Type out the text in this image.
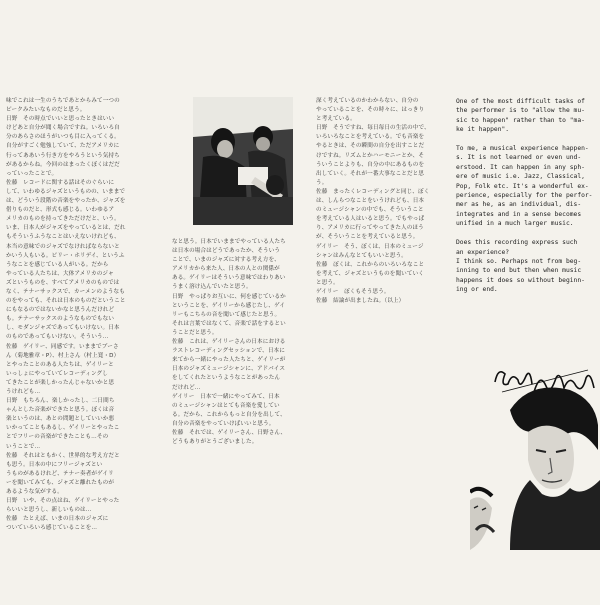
味でこれは一生のうちであとからみて一つの
ピークみたいなものだと思う。
日野　その時点でいいと思ったときはいい
けどあと自分が聞く場合ですね。いろいろ自
分のあらさのほうがいつも目に入ってくる。
自分がすごく勉強していて、ただアメリカに
行ってああいう行き方をやろうという気持ち
があるからね。今回のはまったくぼくはだだ
っていったことで。
佐藤　レコードに関する話はそのぐらいに
して、いわゆるジャズというものの、いままで
は、どういう段階の音楽をやったか、ジャズを
借りものだと、形式も感じる。いわゆるア
メリカのものを持ってきただけだと、いう。
いま、日本人がジャズをやっているとは、だれ
もそういうふうなことはいえないけれども、
本当の意味でのジャズでなければならないと
かいう人もいる。ビリー・ホリデイ、というふ
うなことを感じている人がいる。だから
やっている人たちは、大体アメリカのジャ
ズというものを、すべてアメリカのものでは
なく、テナーサックスで、カーメンのようなも
のをやっても、それは日本のものだということ
にもなるのではないかなと思うんだけれど
も。テナーサックスのようなものでもない
し、モダンジャズであってもいけない。日本
のものであってもいけない。そういう…
佐藤　ゲイリー、同感です。いままでブーさ
ん（菊地雅章・P）、村上さん（村上寛・D）
とやったことのある人たちは、ゲイリーと
いっしょにやっていてレコーディングし
てきたことが楽しかったんじゃないかと思
うけれども…
日野　もちろん、楽しかったし、二日間ち
ゃんとした音楽ができたと思う。ぼくは音
楽というのは、あとの問題としていいか悪
いかってこともあるし、ゲイリーとやったこ
とでフリーの音楽ができたことも…その
いうことで…
佐藤　それはともかく、世界的な考え方だと
も思う。日本の中にフリージャズとい
うものがあるけれど、テナー奏者がゲイリ
ーを聞いてみても、ジャズと離れたものが
あるような気がする。
日野　いや、その点はね、ゲイリーとやった
らいいと思うし、新しいものは…
佐藤　たとえば、いまの日本のジャズに
ついていろいろ感じていることを…
なと思う。日本でいままでやっている人たち
は日本の場合はどうであったか、そういう
ことで、いまのジャズに対する考え方を、
アメリカから来た人、日本の人との関係が
ある。ゲイリーはそういう意味ではわりあい
うまく溶け込んでいたと思う。
日野　やっぱりお互いに、何を感じているか
ということを、ゲイリーから感じたし、ゲイ
リーもこちらの音を聞いて感じたと思う。
それは言葉ではなくて、音楽で話をするとい
うことだと思う。
佐藤　これは、ゲイリーさんの日本における
ラストレコーディングセッションで、日本に
来てから一緒にやった人たちと、ゲイリーが
日本のジャズミュージシャンに、アドバイス
をしてくれたというようなことがあったん
だけれど…
ゲイリー　日本で一緒にやってみて、日本
のミュージシャンはとても音楽を愛してい
る。だから、これからもっと自分を出して、
自分の音楽をやっていけばいいと思う。
佐藤　それでは、ゲイリーさん、日野さん、
どうもありがとうございました。
深く考えているのかわからない、自分の
やっていることを、その時々に、はっきり
と考えている。
日野　そうですね、毎日毎日の生活の中で、
いろいろなことを考えている。でも音楽を
やるときは、その瞬間の自分を出すことだ
けですね。リズムとかハーモニーとか、そ
ういうことよりも、自分の中にあるものを
出していく。それが一番大事なことだと思
う。
佐藤　まったくレコーディングと同じ、ぼく
は、しんらつなことをいうけれども、日本
のミュージシャンの中でも、そういうこと
を考えている人はいると思う。でもやっぱ
り、アメリカに行ってやってきた人のほう
が、そういうことを考えていると思う。
ゲイリー　そう、ぼくは、日本のミュージ
シャンはみんなとてもいいと思う。
佐藤　ぼくは、これからのいろいろなこと
を考えて、ジャズというものを聞いていく
と思う。
ゲイリー　ぼくもそう思う。
佐藤　結論が出ましたね。（以上）
One of the most difficult tasks of
the performer is to "allow the mu-
sic to happen" rather than to "ma-
ke it happen".

To me, a musical experience happen-
s. It is not learned or even und-
erstood. It can happen in any sph-
ere of music i.e. Jazz, Classical,
Pop, Folk etc. It's a wonderful ex-
perience, especially for the perfor-
mer as he, as an individual, dis-
integrates and in a sense becomes
unified in a much larger music.

Does this recording express such
an experience?
I think so. Perhaps not from beg-
inning to end but then when music
happens it does so without beginn-
ing or end.
